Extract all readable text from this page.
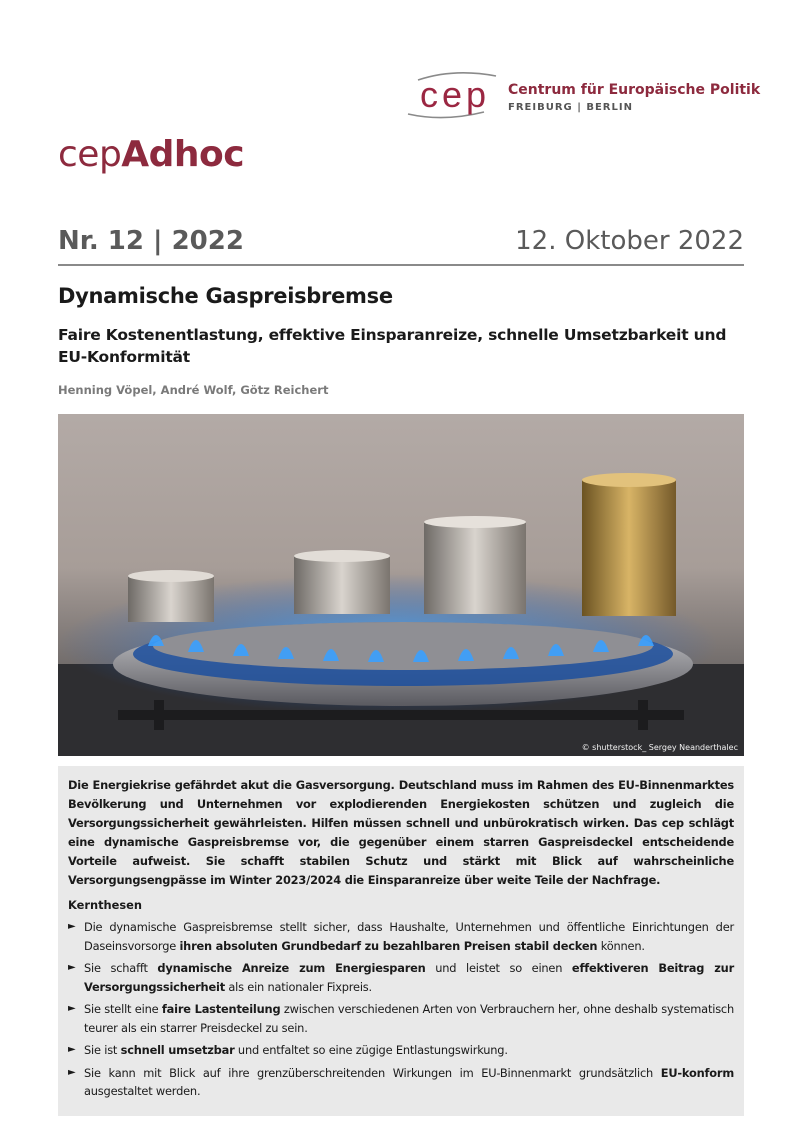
cep Centrum für Europäische Politik
FREIBURG | BERLIN
cepAdhoc
Nr. 12 | 2022	12. Oktober 2022
Dynamische Gaspreisbremse
Faire Kostenentlastung, effektive Einsparanreize, schnelle Umsetzbarkeit und EU-Konformität
Henning Vöpel, André Wolf, Götz Reichert
© shutterstock_ Sergey Neanderthalec

Die Energiekrise gefährdet akut die Gasversorgung. Deutschland muss im Rahmen des EU-Binnenmarktes Bevölkerung und Unternehmen vor explodierenden Energiekosten schützen und zugleich die Versorgungssicherheit gewährleisten. Hilfen müssen schnell und unbürokratisch wirken. Das cep schlägt eine dynamische Gaspreisbremse vor, die gegenüber einem starren Gaspreisdeckel entscheidende Vorteile aufweist. Sie schafft stabilen Schutz und stärkt mit Blick auf wahrscheinliche Versorgungsengpässe im Winter 2023/2024 die Einsparanreize über weite Teile der Nachfrage.

Kernthesen
► Die dynamische Gaspreisbremse stellt sicher, dass Haushalte, Unternehmen und öffentliche Einrichtungen der Daseinsvorsorge ihren absoluten Grundbedarf zu bezahlbaren Preisen stabil decken können.
► Sie schafft dynamische Anreize zum Energiesparen und leistet so einen effektiveren Beitrag zur Versorgungssicherheit als ein nationaler Fixpreis.
► Sie stellt eine faire Lastenteilung zwischen verschiedenen Arten von Verbrauchern her, ohne deshalb systematisch teurer als ein starrer Preisdeckel zu sein.
► Sie ist schnell umsetzbar und entfaltet so eine zügige Entlastungswirkung.
► Sie kann mit Blick auf ihre grenzüberschreitenden Wirkungen im EU-Binnenmarkt grundsätzlich EU-konform ausgestaltet werden.
